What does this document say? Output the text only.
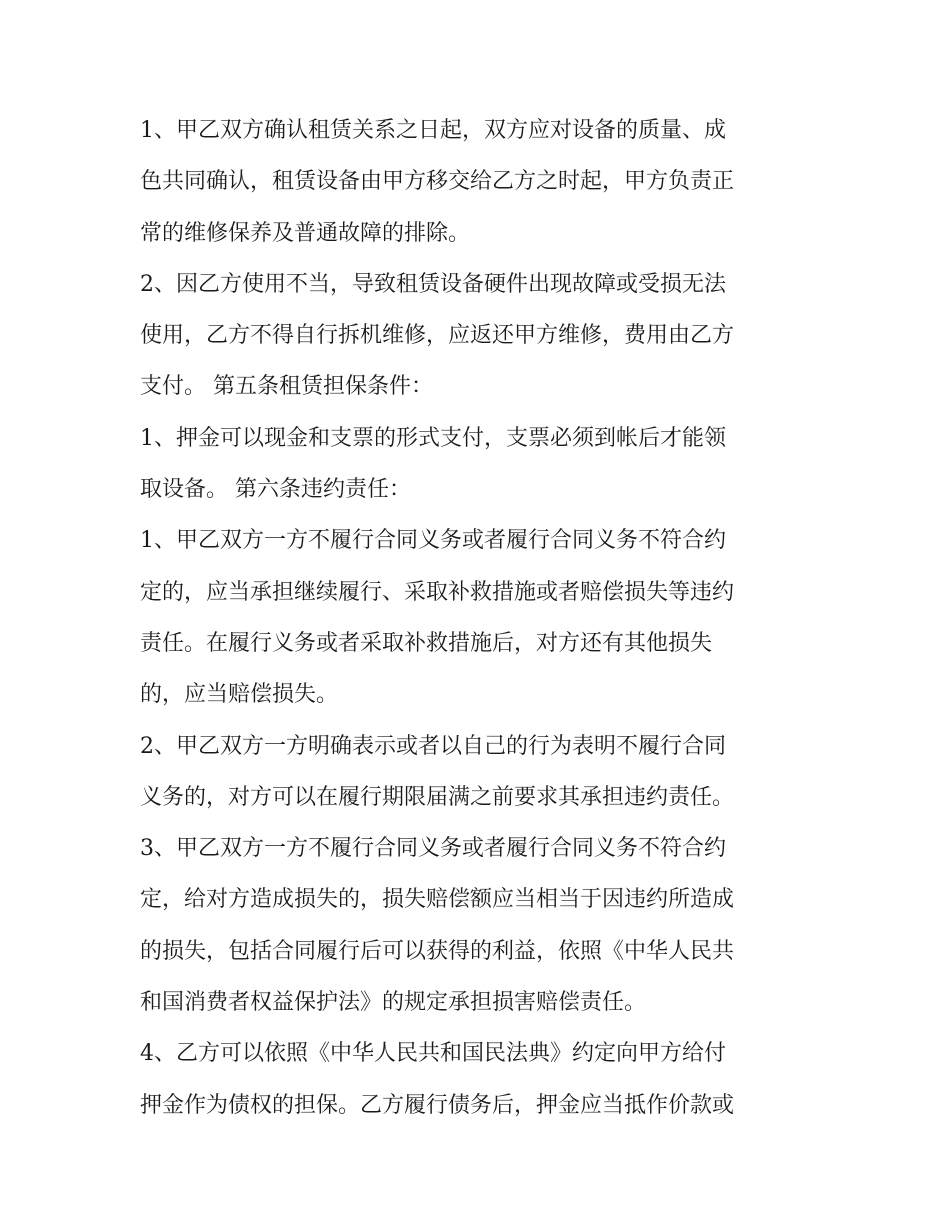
1、甲乙双方确认租赁关系之日起，双方应对设备的质量、成
色共同确认，租赁设备由甲方移交给乙方之时起，甲方负责正
常的维修保养及普通故障的排除。
2、因乙方使用不当，导致租赁设备硬件出现故障或受损无法
使用，乙方不得自行拆机维修，应返还甲方维修，费用由乙方
支付。 第五条租赁担保条件：
1、押金可以现金和支票的形式支付，支票必须到帐后才能领
取设备。 第六条违约责任：
1、甲乙双方一方不履行合同义务或者履行合同义务不符合约
定的，应当承担继续履行、采取补救措施或者赔偿损失等违约
责任。在履行义务或者采取补救措施后，对方还有其他损失
的，应当赔偿损失。
2、甲乙双方一方明确表示或者以自己的行为表明不履行合同
义务的，对方可以在履行期限届满之前要求其承担违约责任。
3、甲乙双方一方不履行合同义务或者履行合同义务不符合约
定，给对方造成损失的，损失赔偿额应当相当于因违约所造成
的损失，包括合同履行后可以获得的利益，依照《中华人民共
和国消费者权益保护法》的规定承担损害赔偿责任。
4、乙方可以依照《中华人民共和国民法典》约定向甲方给付
押金作为债权的担保。乙方履行债务后，押金应当抵作价款或
